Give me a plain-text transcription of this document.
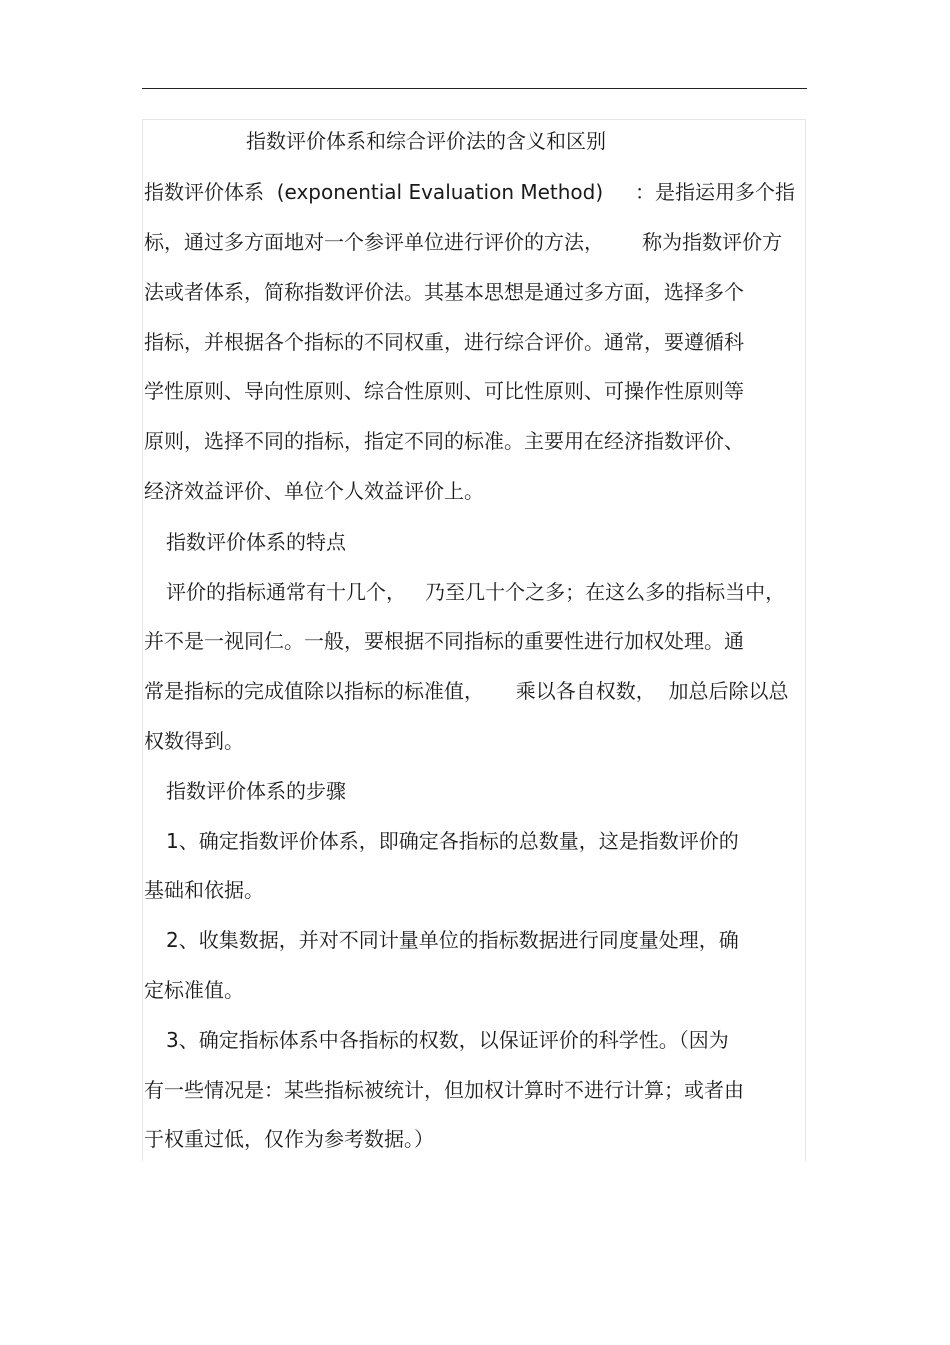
指数评价体系和综合评价法的含义和区别
指数评价体系  (exponential Evaluation Method)     ：是指运用多个指
标，通过多方面地对一个参评单位进行评价的方法，      称为指数评价方
法或者体系，简称指数评价法。其基本思想是通过多方面，选择多个
指标，并根据各个指标的不同权重，进行综合评价。通常，要遵循科
学性原则、导向性原则、综合性原则、可比性原则、可操作性原则等
原则，选择不同的指标，指定不同的标准。主要用在经济指数评价、
经济效益评价、单位个人效益评价上。
指数评价体系的特点
评价的指标通常有十几个，   乃至几十个之多；在这么多的指标当中，
并不是一视同仁。一般，要根据不同指标的重要性进行加权处理。通
常是指标的完成值除以指标的标准值，     乘以各自权数，  加总后除以总
权数得到。
指数评价体系的步骤
1、确定指数评价体系，即确定各指标的总数量，这是指数评价的
基础和依据。
2、收集数据，并对不同计量单位的指标数据进行同度量处理，确
定标准值。
3、确定指标体系中各指标的权数，以保证评价的科学性。（因为
有一些情况是：某些指标被统计，但加权计算时不进行计算；或者由
于权重过低，仅作为参考数据。）
